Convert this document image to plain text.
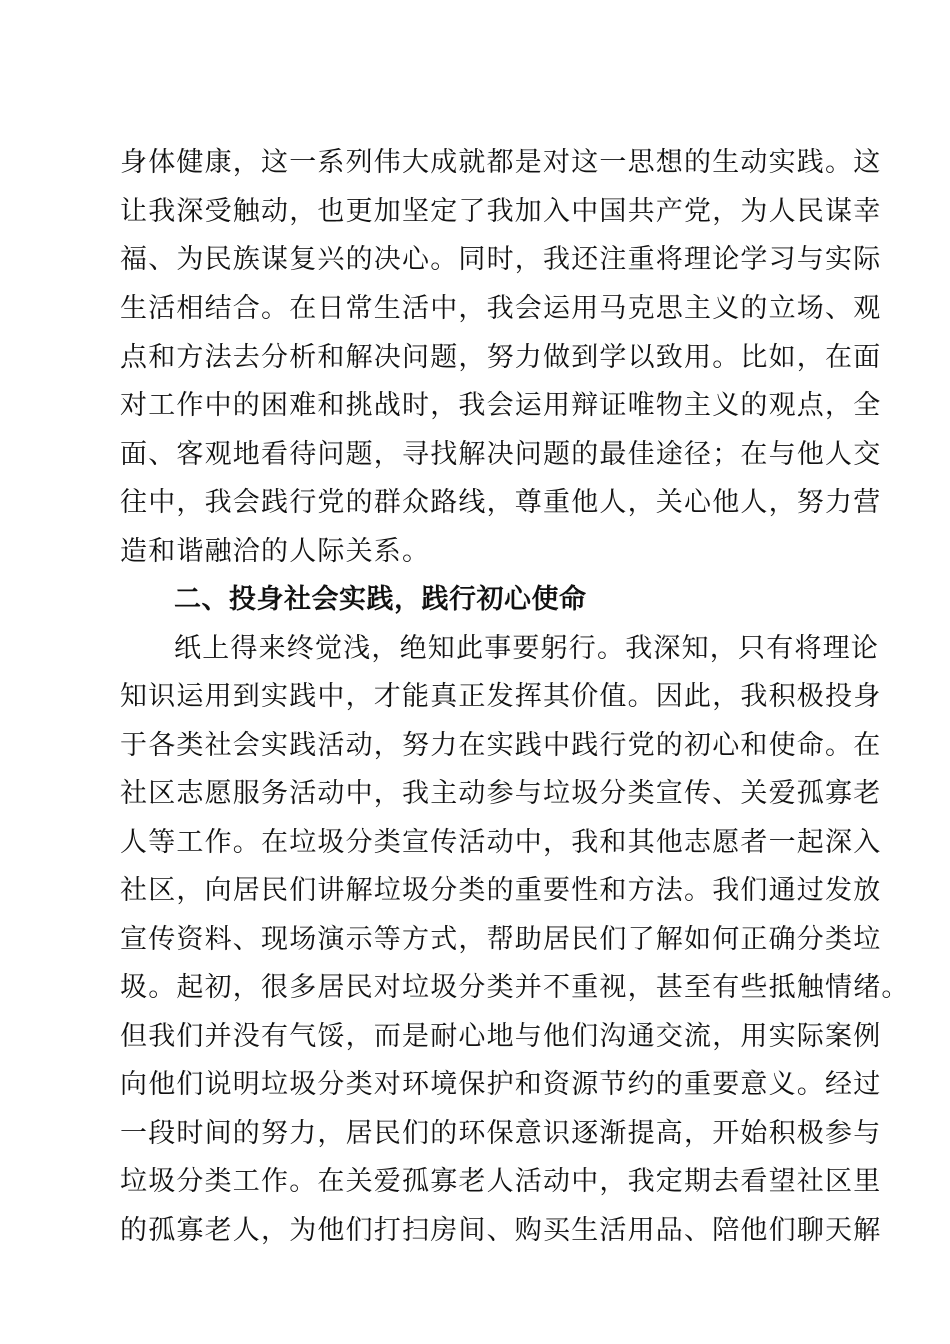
身体健康，这一系列伟大成就都是对这一思想的生动实践。这
让我深受触动，也更加坚定了我加入中国共产党，为人民谋幸
福、为民族谋复兴的决心。同时，我还注重将理论学习与实际
生活相结合。在日常生活中，我会运用马克思主义的立场、观
点和方法去分析和解决问题，努力做到学以致用。比如，在面
对工作中的困难和挑战时，我会运用辩证唯物主义的观点，全
面、客观地看待问题，寻找解决问题的最佳途径；在与他人交
往中，我会践行党的群众路线，尊重他人，关心他人，努力营
造和谐融洽的人际关系。
二、投身社会实践，践行初心使命
纸上得来终觉浅，绝知此事要躬行。我深知，只有将理论
知识运用到实践中，才能真正发挥其价值。因此，我积极投身
于各类社会实践活动，努力在实践中践行党的初心和使命。在
社区志愿服务活动中，我主动参与垃圾分类宣传、关爱孤寡老
人等工作。在垃圾分类宣传活动中，我和其他志愿者一起深入
社区，向居民们讲解垃圾分类的重要性和方法。我们通过发放
宣传资料、现场演示等方式，帮助居民们了解如何正确分类垃
圾。起初，很多居民对垃圾分类并不重视，甚至有些抵触情绪。
但我们并没有气馁，而是耐心地与他们沟通交流，用实际案例
向他们说明垃圾分类对环境保护和资源节约的重要意义。经过
一段时间的努力，居民们的环保意识逐渐提高，开始积极参与
垃圾分类工作。在关爱孤寡老人活动中，我定期去看望社区里
的孤寡老人，为他们打扫房间、购买生活用品、陪他们聊天解
